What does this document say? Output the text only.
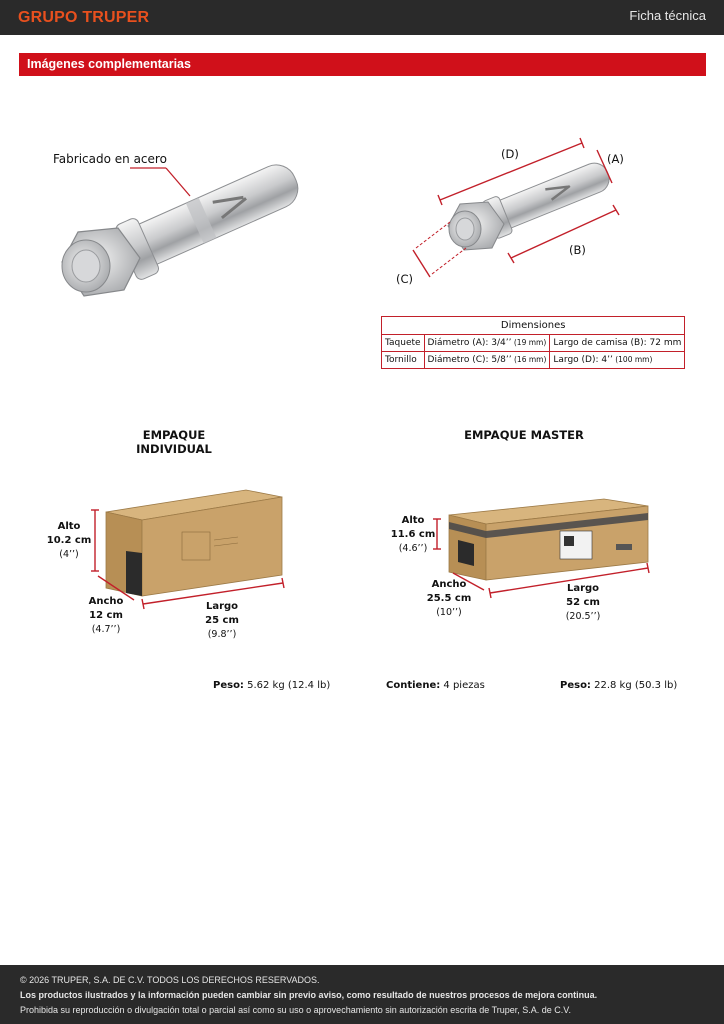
GRUPO TRUPER	Ficha técnica
Imágenes complementarias
Fabricado en acero	(D)	(A)
(B)
(C)
Dimensiones		
Taquete	Diámetro (A): 3/4’’ (19 mm)	Largo de camisa (B): 72 mm
Tornillo	Diámetro (C): 5/8’’ (16 mm)	Largo (D): 4’’ (100 mm)
EMPAQUE INDIVIDUAL
EMPAQUE MASTER
Alto
10.2 cm
(4’’)
Ancho
12 cm
(4.7’’)
Largo
25 cm
(9.8’’)
Alto
11.6 cm
(4.6’’)
Ancho
25.5 cm
(10’’)
Largo
52 cm
(20.5’’)
Peso: 5.62 kg (12.4 lb)	Contiene: 4 piezas	Peso: 22.8 kg (50.3 lb)
© 2026 TRUPER, S.A. DE C.V. TODOS LOS DERECHOS RESERVADOS.
Los productos ilustrados y la información pueden cambiar sin previo aviso, como resultado de nuestros procesos de mejora continua.
Prohibida su reproducción o divulgación total o parcial así como su uso o aprovechamiento sin autorización escrita de Truper, S.A. de C.V.
